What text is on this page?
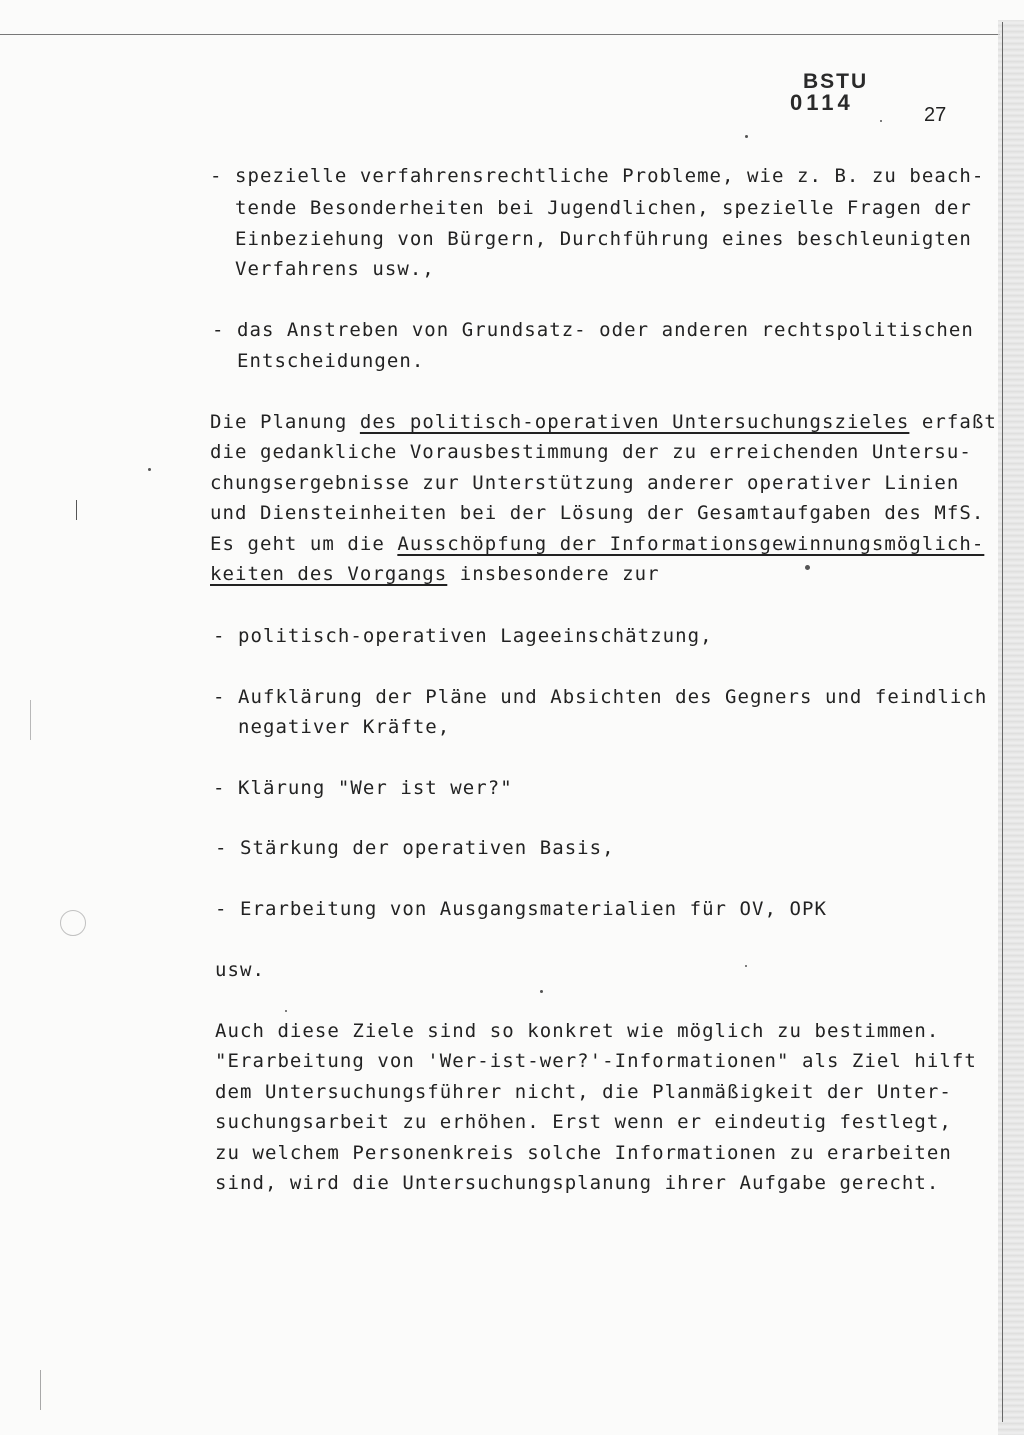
BSTU
0114	27
- spezielle verfahrensrechtliche Probleme, wie z. B. zu beach-
tende Besonderheiten bei Jugendlichen, spezielle Fragen der
Einbeziehung von Bürgern, Durchführung eines beschleunigten
Verfahrens usw.,
- das Anstreben von Grundsatz- oder anderen rechtspolitischen
Entscheidungen.
Die Planung des politisch-operativen Untersuchungszieles erfaßt
die gedankliche Vorausbestimmung der zu erreichenden Untersu-
chungsergebnisse zur Unterstützung anderer operativer Linien
und Diensteinheiten bei der Lösung der Gesamtaufgaben des MfS.
Es geht um die Ausschöpfung der Informationsgewinnungsmöglich-
keiten des Vorgangs insbesondere zur
- politisch-operativen Lageeinschätzung,
- Aufklärung der Pläne und Absichten des Gegners und feindlich
negativer Kräfte,
- Klärung "Wer ist wer?"
- Stärkung der operativen Basis,
- Erarbeitung von Ausgangsmaterialien für OV, OPK
usw.
Auch diese Ziele sind so konkret wie möglich zu bestimmen.
"Erarbeitung von 'Wer-ist-wer?'-Informationen" als Ziel hilft
dem Untersuchungsführer nicht, die Planmäßigkeit der Unter-
suchungsarbeit zu erhöhen. Erst wenn er eindeutig festlegt,
zu welchem Personenkreis solche Informationen zu erarbeiten
sind, wird die Untersuchungsplanung ihrer Aufgabe gerecht.
